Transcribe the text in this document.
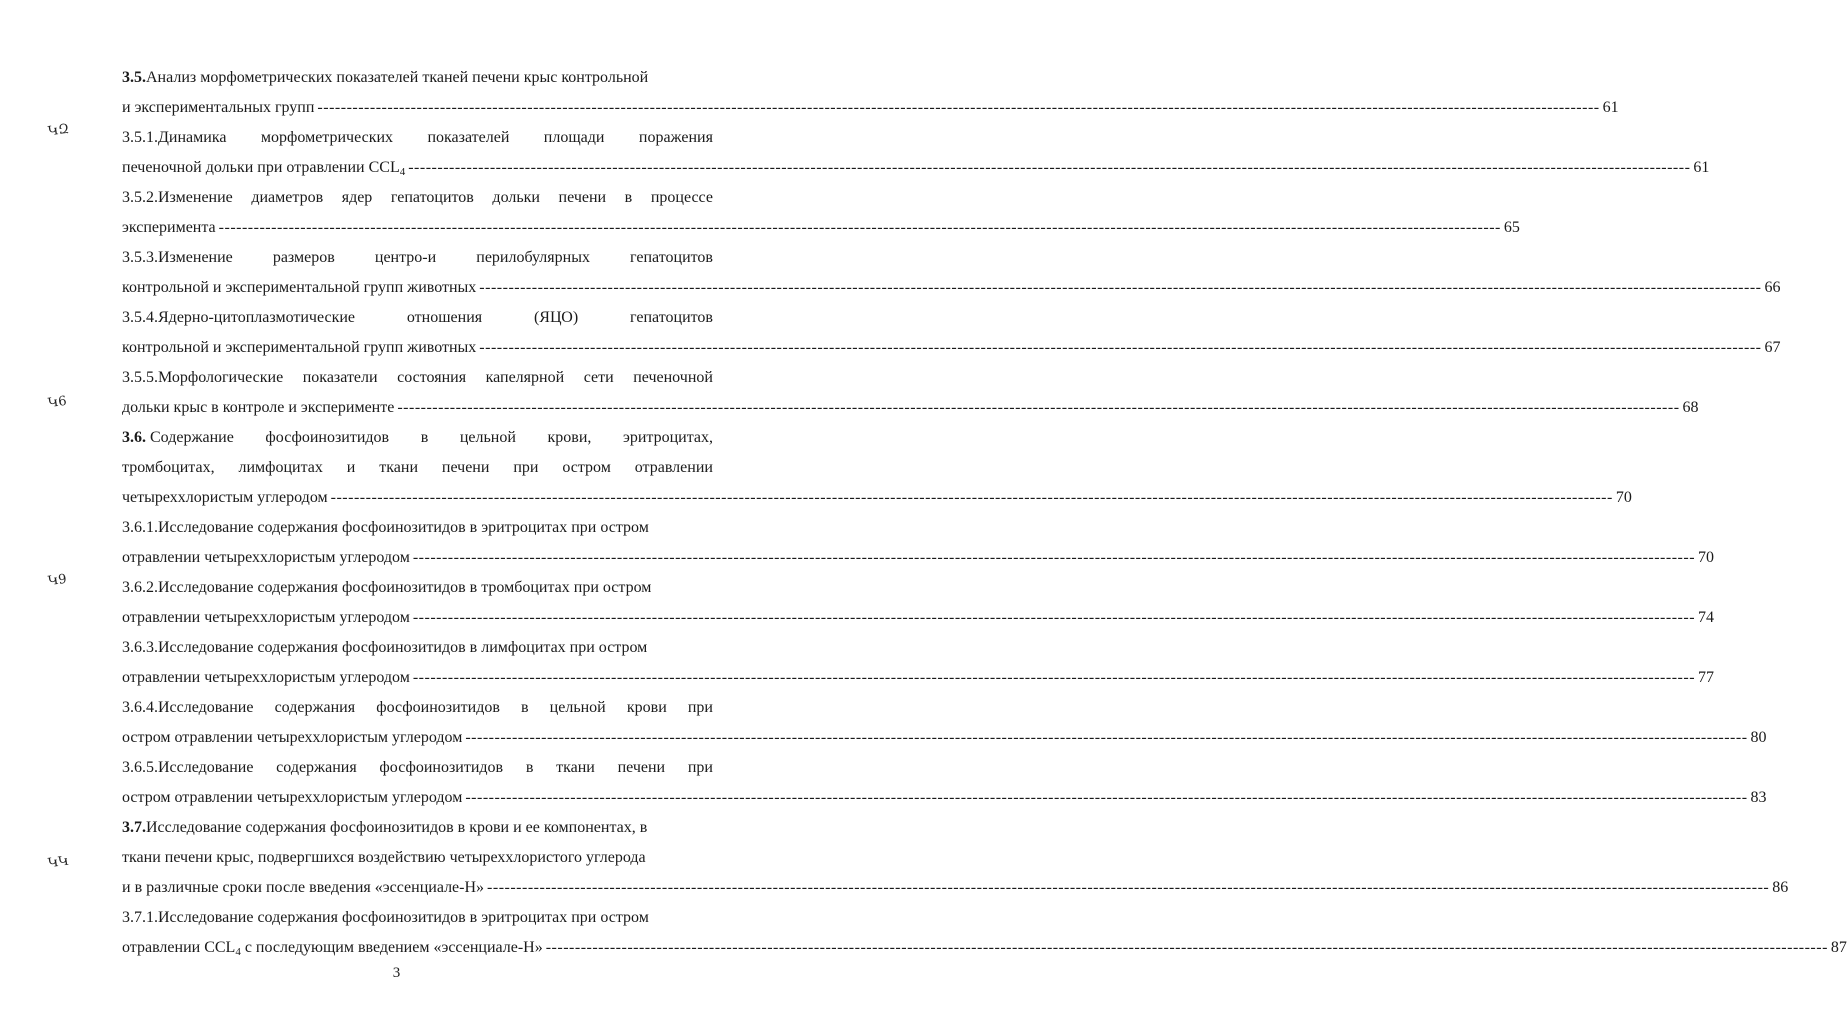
3.5.Анализ морфометрических показателей тканей печени крыс контрольной
и экспериментальных групп ---------------------------------------------------------------------------------------------------------------------------------------------------------------------------------------------------------------------------- 61
3.5.1.Динамика морфометрических показателей площади поражения
печеночной дольки при отравлении $CCL_4$ ---------------------------------------------------------------------------------------------------------------------------------------------------------------------------------------------------------------------------- 61
3.5.2.Изменение диаметров ядер гепатоцитов дольки печени в процессе
эксперимента ---------------------------------------------------------------------------------------------------------------------------------------------------------------------------------------------------------------------------- 65
3.5.3.Изменение	размеров	центро-и	перилобулярных	гепатоцитов
контрольной и экспериментальной групп животных ---------------------------------------------------------------------------------------------------------------------------------------------------------------------------------------------------------------------------- 66
3.5.4.Ядерно-цитоплазмотические	отношения	(ЯЦО)	гепатоцитов
контрольной и экспериментальной групп животных ---------------------------------------------------------------------------------------------------------------------------------------------------------------------------------------------------------------------------- 67
3.5.5.Морфологические показатели состояния капелярной сети печеночной
дольки крыс в контроле и эксперименте ---------------------------------------------------------------------------------------------------------------------------------------------------------------------------------------------------------------------------- 68
3.6. Содержание фосфоинозитидов в цельной крови, эритроцитах,
тромбоцитах, лимфоцитах и ткани печени при остром отравлении
четыреххлористым углеродом ---------------------------------------------------------------------------------------------------------------------------------------------------------------------------------------------------------------------------- 70
3.6.1.Исследование содержания фосфоинозитидов в эритроцитах при остром
отравлении четыреххлористым углеродом ---------------------------------------------------------------------------------------------------------------------------------------------------------------------------------------------------------------------------- 70
3.6.2.Исследование содержания фосфоинозитидов в тромбоцитах при остром
отравлении четыреххлористым углеродом ---------------------------------------------------------------------------------------------------------------------------------------------------------------------------------------------------------------------------- 74
3.6.3.Исследование содержания фосфоинозитидов в лимфоцитах при остром
отравлении четыреххлористым углеродом ---------------------------------------------------------------------------------------------------------------------------------------------------------------------------------------------------------------------------- 77
3.6.4.Исследование содержания фосфоинозитидов в цельной крови при
остром отравлении четыреххлористым углеродом ---------------------------------------------------------------------------------------------------------------------------------------------------------------------------------------------------------------------------- 80
3.6.5.Исследование содержания фосфоинозитидов в ткани печени при
остром отравлении четыреххлористым углеродом ---------------------------------------------------------------------------------------------------------------------------------------------------------------------------------------------------------------------------- 83
3.7.Исследование содержания фосфоинозитидов в крови и ее компонентах, в
ткани печени крыс, подвергшихся воздействию четыреххлористого углерода
и в различные сроки после введения «эссенциале-Н» ---------------------------------------------------------------------------------------------------------------------------------------------------------------------------------------------------------------------------- 86
3.7.1.Исследование содержания фосфоинозитидов в эритроцитах при остром
отравлении $CCL_4$ с последующим введением «эссенциале-Н» ---------------------------------------------------------------------------------------------------------------------------------------------------------------------------------------------------------------------------- 87
ԿԶ
Կ6
Կ9
ԿԿ
3
